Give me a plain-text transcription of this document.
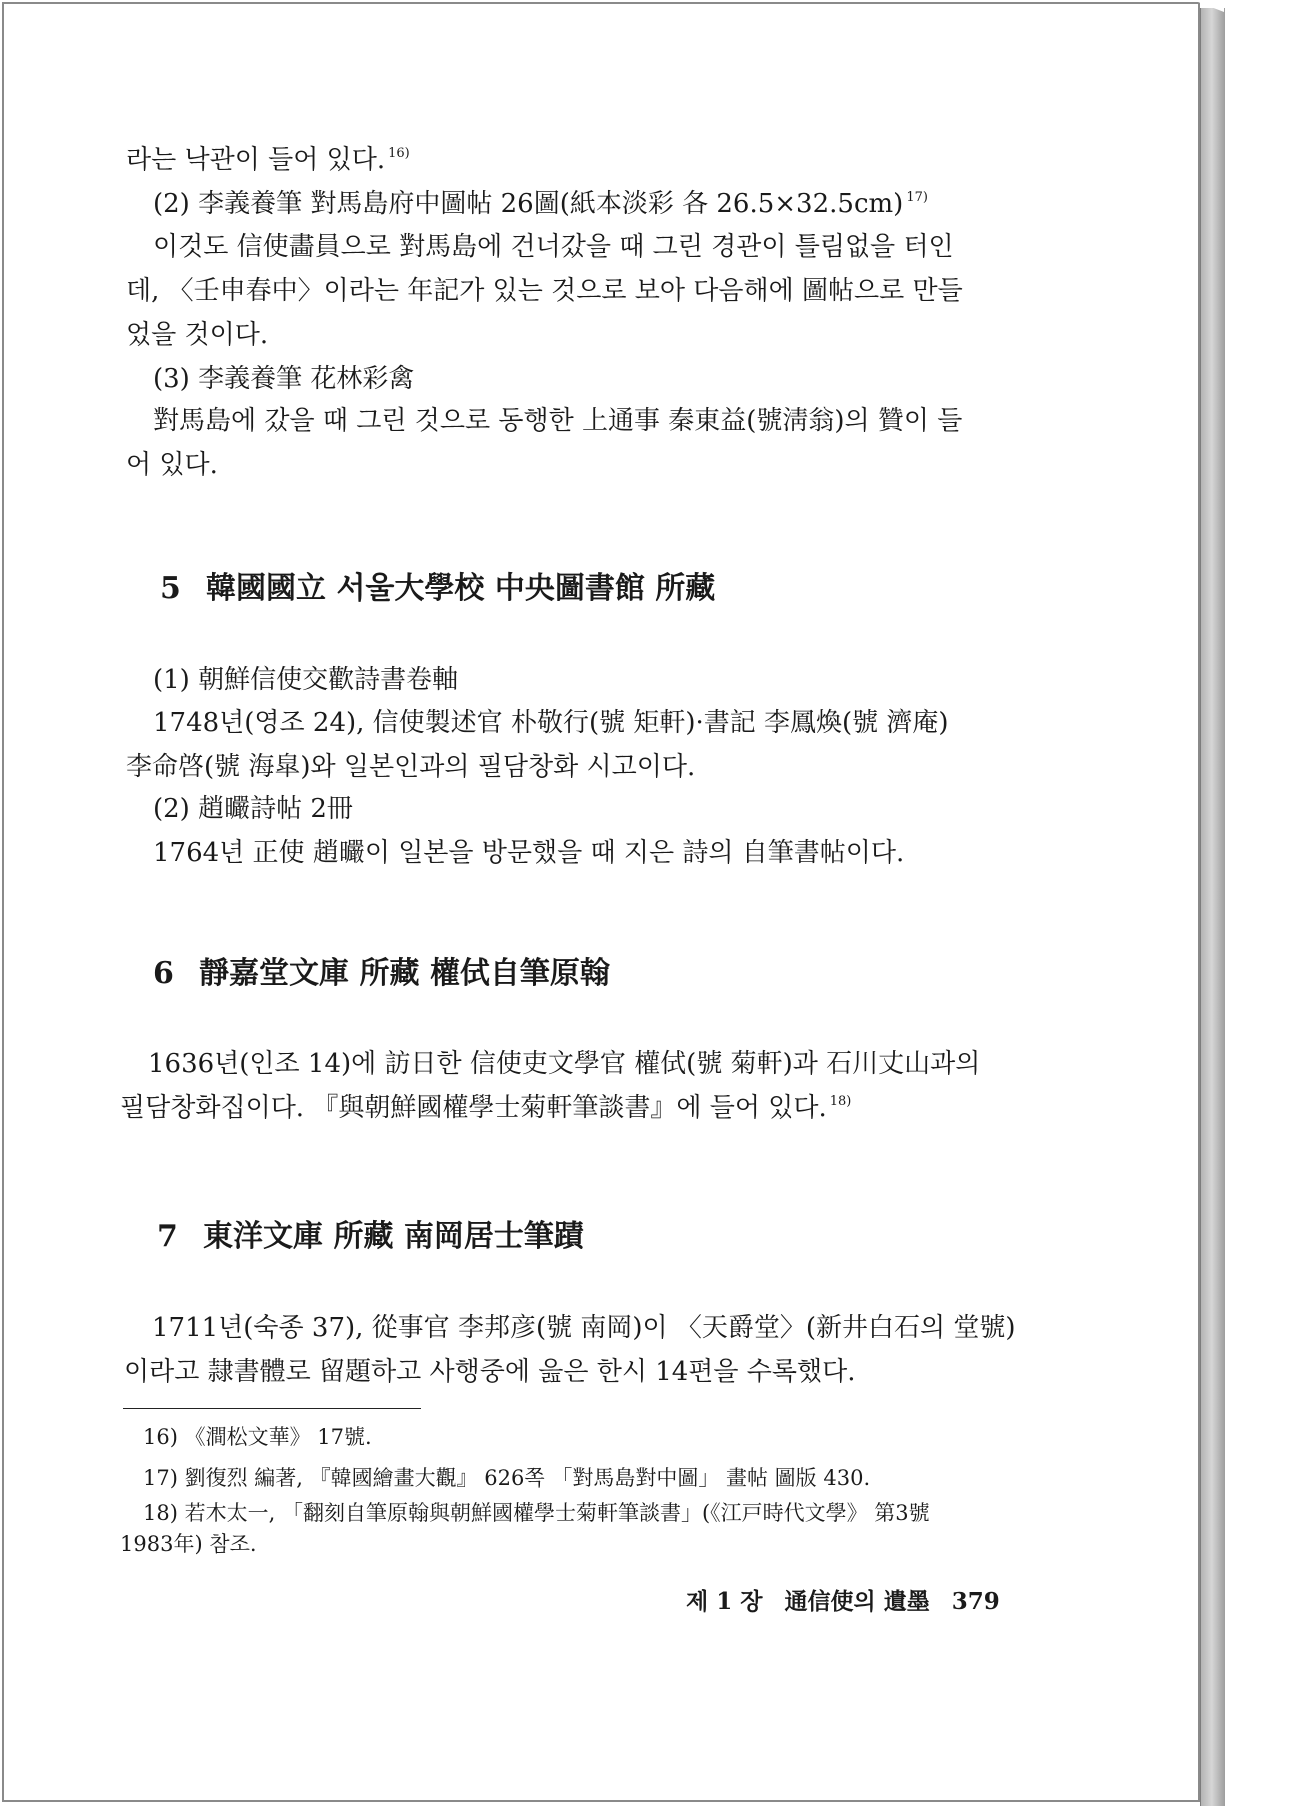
라는 낙관이 들어 있다. $^{16)}$

(2) 李義養筆 對馬島府中圖帖 26圖(紙本淡彩 各 26.5×32.5cm) $^{17)}$

이것도 信使畵員으로 對馬島에 건너갔을 때 그린 경관이 틀림없을 터인

데, 〈壬申春中〉이라는 年記가 있는 것으로 보아 다음해에 圖帖으로 만들

었을 것이다.

(3) 李義養筆 花林彩禽

對馬島에 갔을 때 그린 것으로 동행한 上通事 秦東益(號淸翁)의 贊이 들

어 있다.

5 韓國國立 서울大學校 中央圖書館 所藏

(1) 朝鮮信使交歡詩書卷軸

1748년(영조 24), 信使製述官 朴敬行(號 矩軒)·書記 李鳳煥(號 濟庵)

李命啓(號 海皐)와 일본인과의 필담창화 시고이다.

(2) 趙曮詩帖 2冊

1764년 正使 趙曮이 일본을 방문했을 때 지은 詩의 自筆書帖이다.

6 靜嘉堂文庫 所藏 權侙自筆原翰

1636년(인조 14)에 訪日한 信使吏文學官 權侙(號 菊軒)과 石川丈山과의

필담창화집이다. 『與朝鮮國權學士菊軒筆談書』에 들어 있다. $^{18)}$

7 東洋文庫 所藏 南岡居士筆蹟

1711년(숙종 37), 從事官 李邦彦(號 南岡)이 〈天爵堂〉(新井白石의 堂號)

이라고 隷書體로 留題하고 사행중에 읊은 한시 14편을 수록했다.

16) 《澗松文華》 17號.

17) 劉復烈 編著, 『韓國繪畫大觀』 626쪽 「對馬島對中圖」 畫帖 圖版 430.

18) 若木太一, 「翻刻自筆原翰與朝鮮國權學士菊軒筆談書」(《江戸時代文學》 第3號

1983年) 참조.

제 1 장 通信使의 遺墨 379
